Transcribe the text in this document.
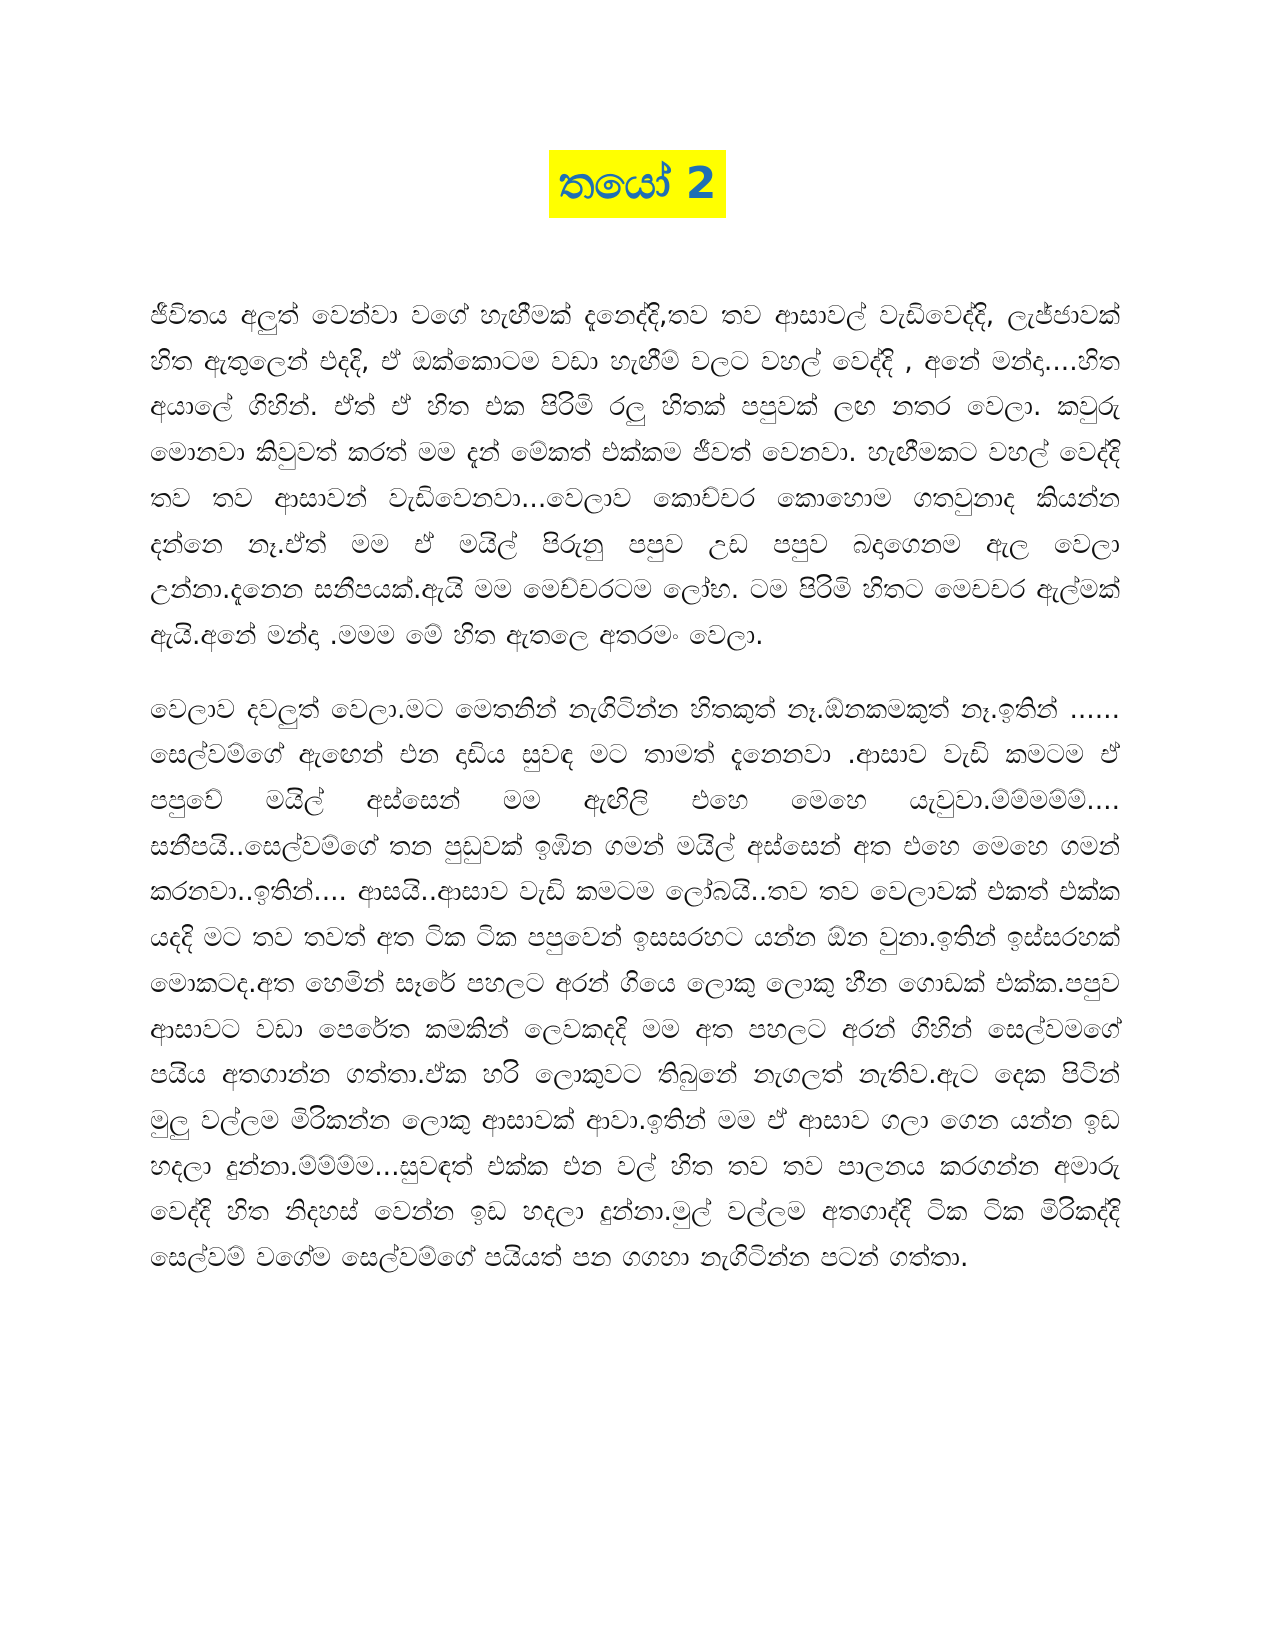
තයෝ 2

ජීවිතය අලුත් වෙන්වා වගේ හැඟීමක් දැනෙද්දි,තව තව ආසාවල් වැඩිවෙද්දි, ලැජ්ජාවක් හිත ඇතුලෙන් එදදි, ඒ ඔක්කොටම වඩා හැඟීම් වලට වහල් වෙද්දි , අනේ මන්දා....හිත අයාලේ ගිහින්. ඒත් ඒ හිත එක පිරිමි රලු හිතක් පපුවක් ලඟ නතර වෙලා. කවුරු මොනවා කිවුවත් කරත් මම දැන් මේකත් එක්කම ජීවත් වෙනවා. හැඟීමකට වහල් වෙද්දි තව තව ආසාවන් වැඩිවෙනවා...වෙලාව කොච්චර කොහොම ගතවුනාද කියන්න දන්නෙ නෑ.ඒත් මම ඒ මයිල් පිරුනු පපුව උඩ පපුව බදාගෙනම ඇල වෙලා උන්නා.දැනෙන සනීපයක්.ඇයි මම මෙච්චරටම ලෝභ. ටම පිරිමි හිතට මෙචචර ඇල්මක් ඇයි.අනේ මන්දා .මමම මේ හිත ඇතලෙ අතරමං වෙලා.

වෙලාව දවලුත් වෙලා.මට මෙතනින් නැගිටින්න හිතකුත් නෑ.ඕනකමකුත් නෑ.ඉතින් ...... සෙල්වම්ගේ ඇඟෙන් එන දාඩිය සුවඳ මට තාමත් දැනෙනවා .ආසාව වැඩි කමටම ඒ පපුවේ මයිල් අස්සෙන් මම ඇඟිලි එහෙ මෙහෙ යැවුවා.ම්ම්මම්ම්.... සනීපයි..සෙල්වම්ගේ තන පුඩුවක් ඉඹින ගමන් මයිල් අස්සෙන් අත එහෙ මෙහෙ ගමන් කරනවා..ඉතින්.... ආසයි..ආසාව වැඩි කමටම ලෝබයි..තව තව වෙලාවක් එකත් එක්ක යදදි මට තව තවත් අත ටික ටික පපුවෙන් ඉසසරහට යන්න ඕන වුනා.ඉතින් ඉස්සරහක් මොකටද.අත හෙමින් සෑරේ පහලට අරන් ගියෙ ලොකු ලොකු හීන ගොඩක් එක්ක.පපුව ආසාවට වඩා පෙරේත කමකින් ලෙවකදදි මම අත පහලට අරන් ගිහින් සෙල්වමගේ පයිය අතගාන්න ගත්තා.ඒක හරි ලොකුවට තිබුනේ නැගලත් නැතිව.ඇට දෙක පිටින් මුලු වල්ලම මිරිකන්න ලොකු ආසාවක් ආවා.ඉතින් මම ඒ ආසාව ගලා ගෙන යන්න ඉඩ හදලා දුන්නා.ම්ම්ම්ම...සුවඳත් එක්ක එන වල් හිත තව තව පාලනය කරගන්න අමාරු වෙද්දි හිත නිදහස් වෙන්න ඉඩ හදලා දුන්නා.මුල් වල්ලම අතගාද්දි ටික ටික මිරිකද්දි සෙල්වම් වගේම සෙල්වම්ගේ පයියත් පන ගගහා නැගිටින්න පටන් ගත්තා.
